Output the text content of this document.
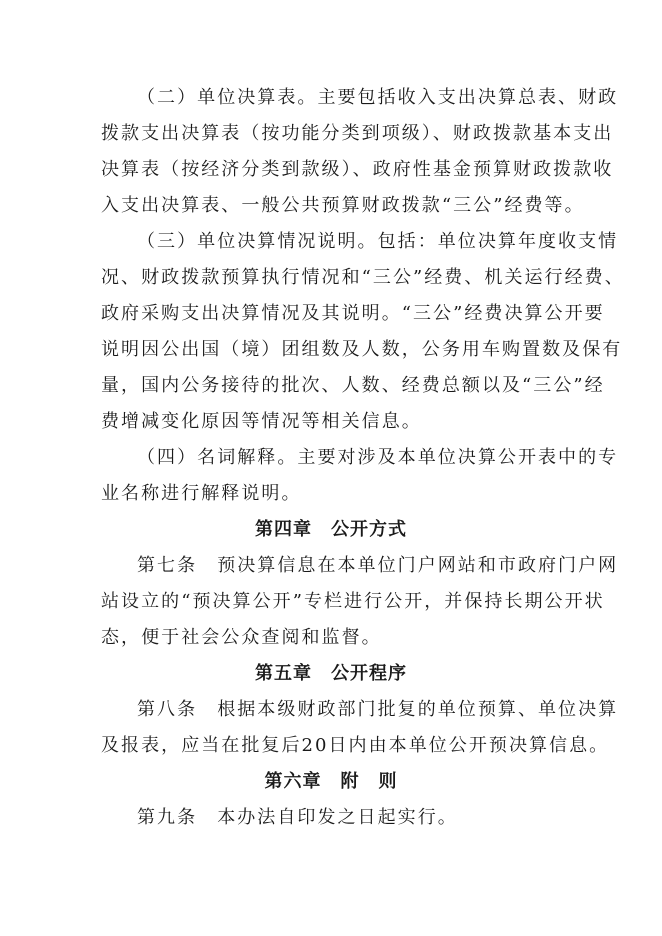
（二）单位决算表。主要包括收入支出决算总表、财政
拨款支出决算表（按功能分类到项级）、财政拨款基本支出
决算表（按经济分类到款级）、政府性基金预算财政拨款收
入支出决算表、一般公共预算财政拨款“三公”经费等。
（三）单位决算情况说明。包括：单位决算年度收支情
况、财政拨款预算执行情况和“三公”经费、机关运行经费、
政府采购支出决算情况及其说明。“三公”经费决算公开要
说明因公出国（境）团组数及人数，公务用车购置数及保有
量，国内公务接待的批次、人数、经费总额以及“三公”经
费增减变化原因等情况等相关信息。
（四）名词解释。主要对涉及本单位决算公开表中的专
业名称进行解释说明。
第四章　公开方式
第七条　预决算信息在本单位门户网站和市政府门户网
站设立的“预决算公开”专栏进行公开，并保持长期公开状
态，便于社会公众查阅和监督。
第五章　公开程序
第八条　根据本级财政部门批复的单位预算、单位决算
及报表，应当在批复后20日内由本单位公开预决算信息。
第六章　附　则
第九条　本办法自印发之日起实行。
